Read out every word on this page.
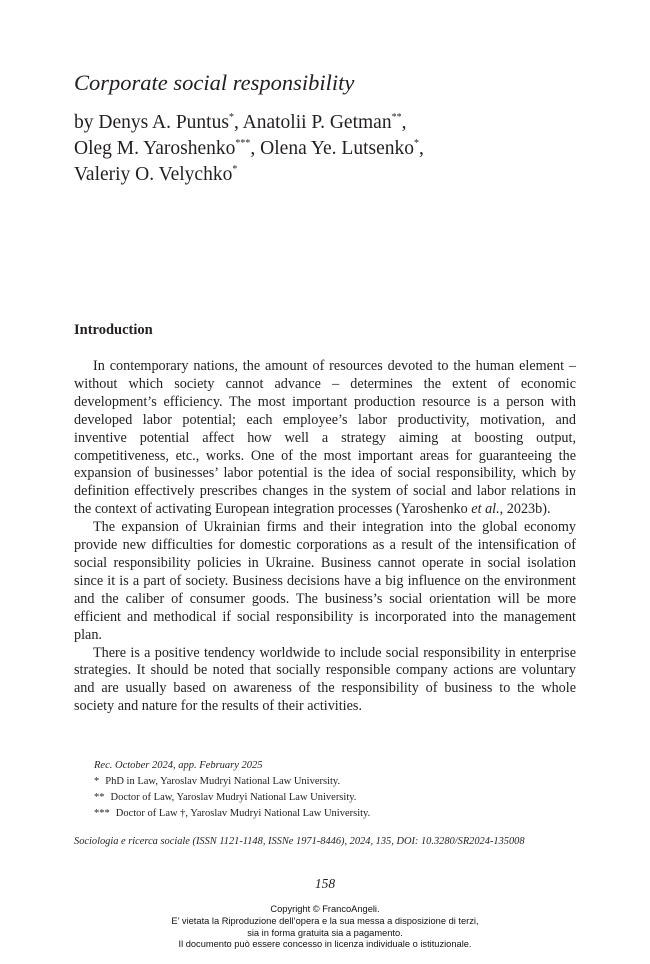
Corporate social responsibility
by Denys A. Puntus*, Anatolii P. Getman**,
Oleg M. Yaroshenko***, Olena Ye. Lutsenko*,
Valeriy O. Velychko*
Introduction

In contemporary nations, the amount of resources devoted to the human element – without which society cannot advance – determines the extent of economic development’s efficiency. The most important production resource is a person with developed labor potential; each employee’s labor productivity, motivation, and inventive potential affect how well a strategy aiming at boosting output, competitiveness, etc., works. One of the most important areas for guaranteeing the expansion of businesses’ labor potential is the idea of social responsibility, which by definition effectively prescribes changes in the system of social and labor relations in the context of activating European integration processes (Yaroshenko et al., 2023b).

The expansion of Ukrainian firms and their integration into the global economy provide new difficulties for domestic corporations as a result of the intensification of social responsibility policies in Ukraine. Business cannot operate in social isolation since it is a part of society. Business decisions have a big influence on the environment and the caliber of consumer goods. The business’s social orientation will be more efficient and methodical if social responsibility is incorporated into the management plan.

There is a positive tendency worldwide to include social responsibility in enterprise strategies. It should be noted that socially responsible company actions are voluntary and are usually based on awareness of the responsibility of business to the whole society and nature for the results of their activities.

Rec. October 2024, app. February 2025
* PhD in Law, Yaroslav Mudryi National Law University.
** Doctor of Law, Yaroslav Mudryi National Law University.
*** Doctor of Law †, Yaroslav Mudryi National Law University.
Sociologia e ricerca sociale (ISSN 1121-1148, ISSNe 1971-8446), 2024, 135, DOI: 10.3280/SR2024-135008
158
Copyright © FrancoAngeli.
E’ vietata la Riproduzione dell’opera e la sua messa a disposizione di terzi,
sia in forma gratuita sia a pagamento.
Il documento può essere concesso in licenza individuale o istituzionale.
